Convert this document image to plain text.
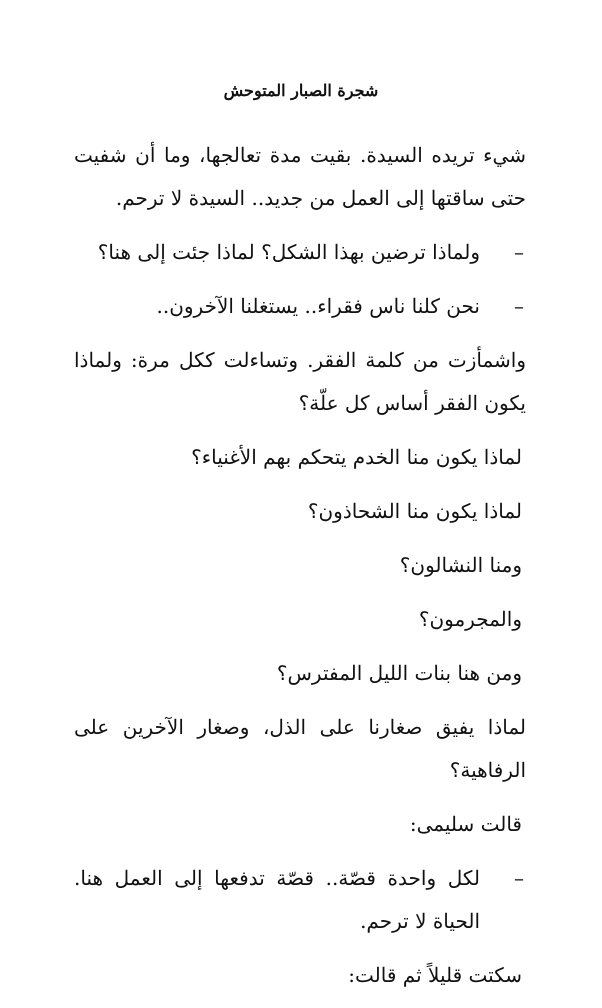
شجرة الصبار المتوحش

شيء تريده السيدة. بقيت مدة تعالجها، وما أن شفيت حتى ساقتها إلى العمل من جديد.. السيدة لا ترحم.

–
ولماذا ترضين بهذا الشكل؟ لماذا جئت إلى هنا؟
–
نحن كلنا ناس فقراء.. يستغلنا الآخرون..

واشمأزت من كلمة الفقر. وتساءلت ككل مرة: ولماذا يكون الفقر أساس كل علّة؟

لماذا يكون منا الخدم يتحكم بهم الأغنياء؟

لماذا يكون منا الشحاذون؟

ومنا النشالون؟

والمجرمون؟

ومن هنا بنات الليل المفترس؟

لماذا يفيق صغارنا على الذل، وصغار الآخرين على الرفاهية؟

قالت سليمى:

–
لكل واحدة قصّة.. قصّة تدفعها إلى العمل هنا. الحياة لا ترحم.

سكتت قليلاً ثم قالت:
